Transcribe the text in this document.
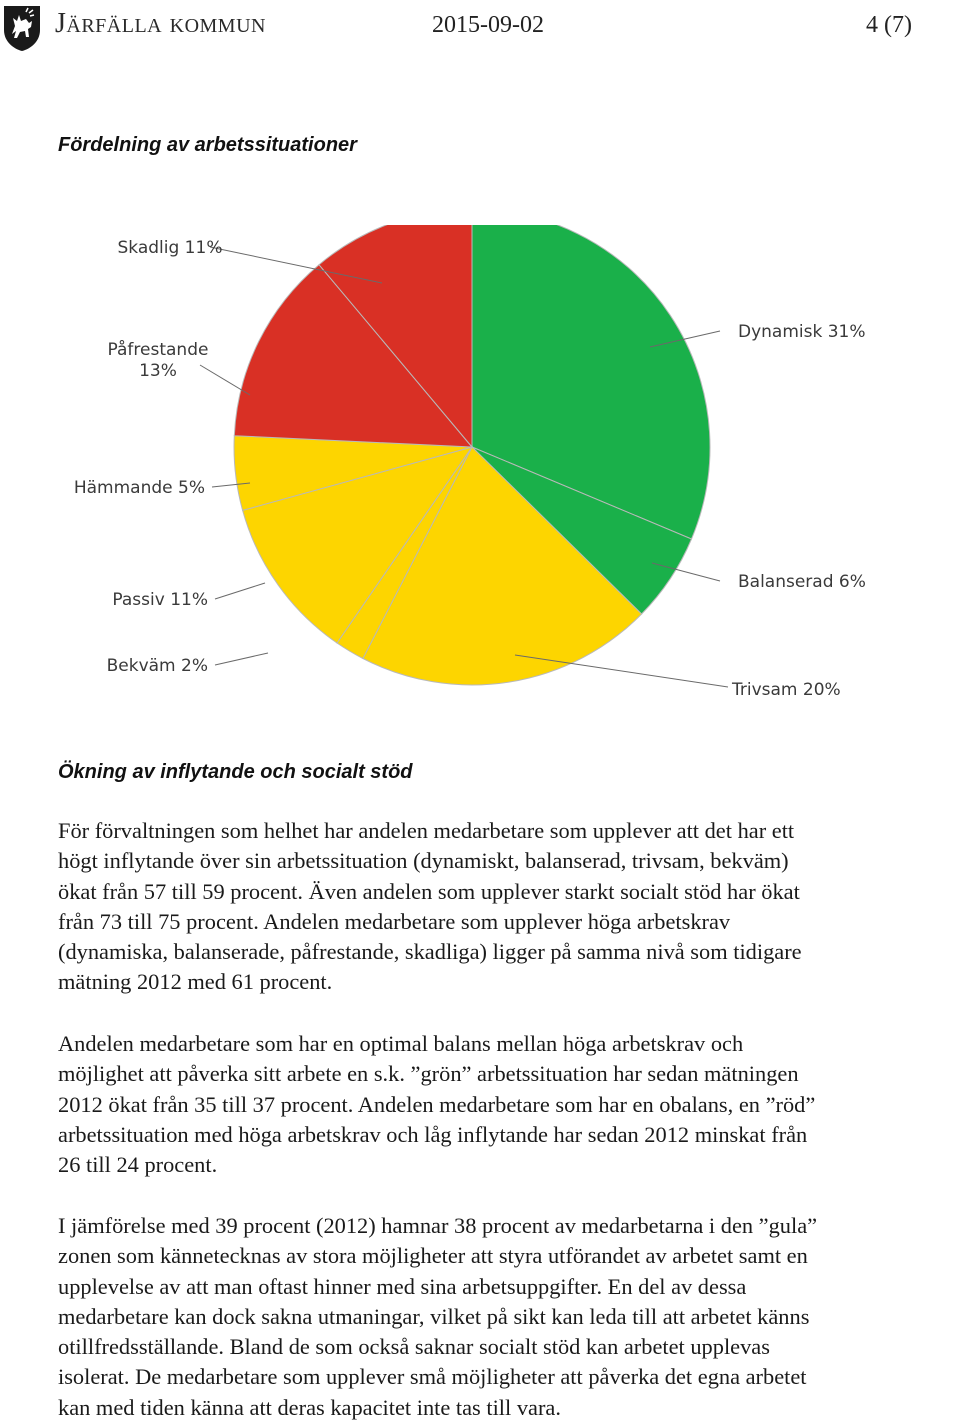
Järfälla kommun	2015-09-02	4 (7)
Fördelning av arbetssituationer
Dynamisk 31%
Balanserad 6%
Trivsam 20%
Bekväm 2%
Passiv 11%
Hämmande 5%
Påfrestande 13%
Skadlig 11%
Ökning av inflytande och socialt stöd
För förvaltningen som helhet har andelen medarbetare som upplever att det har ett
högt inflytande över sin arbetssituation (dynamiskt, balanserad, trivsam, bekväm)
ökat från 57 till 59 procent. Även andelen som upplever starkt socialt stöd har ökat
från 73 till 75 procent. Andelen medarbetare som upplever höga arbetskrav
(dynamiska, balanserade, påfrestande, skadliga) ligger på samma nivå som tidigare
mätning 2012 med 61 procent.
Andelen medarbetare som har en optimal balans mellan höga arbetskrav och
möjlighet att påverka sitt arbete en s.k. ”grön” arbetssituation har sedan mätningen
2012 ökat från 35 till 37 procent. Andelen medarbetare som har en obalans, en ”röd”
arbetssituation med höga arbetskrav och låg inflytande har sedan 2012 minskat från
26 till 24 procent.
I jämförelse med 39 procent (2012) hamnar 38 procent av medarbetarna i den ”gula”
zonen som kännetecknas av stora möjligheter att styra utförandet av arbetet samt en
upplevelse av att man oftast hinner med sina arbetsuppgifter. En del av dessa
medarbetare kan dock sakna utmaningar, vilket på sikt kan leda till att arbetet känns
otillfredsställande. Bland de som också saknar socialt stöd kan arbetet upplevas
isolerat. De medarbetare som upplever små möjligheter att påverka det egna arbetet
kan med tiden känna att deras kapacitet inte tas till vara.
